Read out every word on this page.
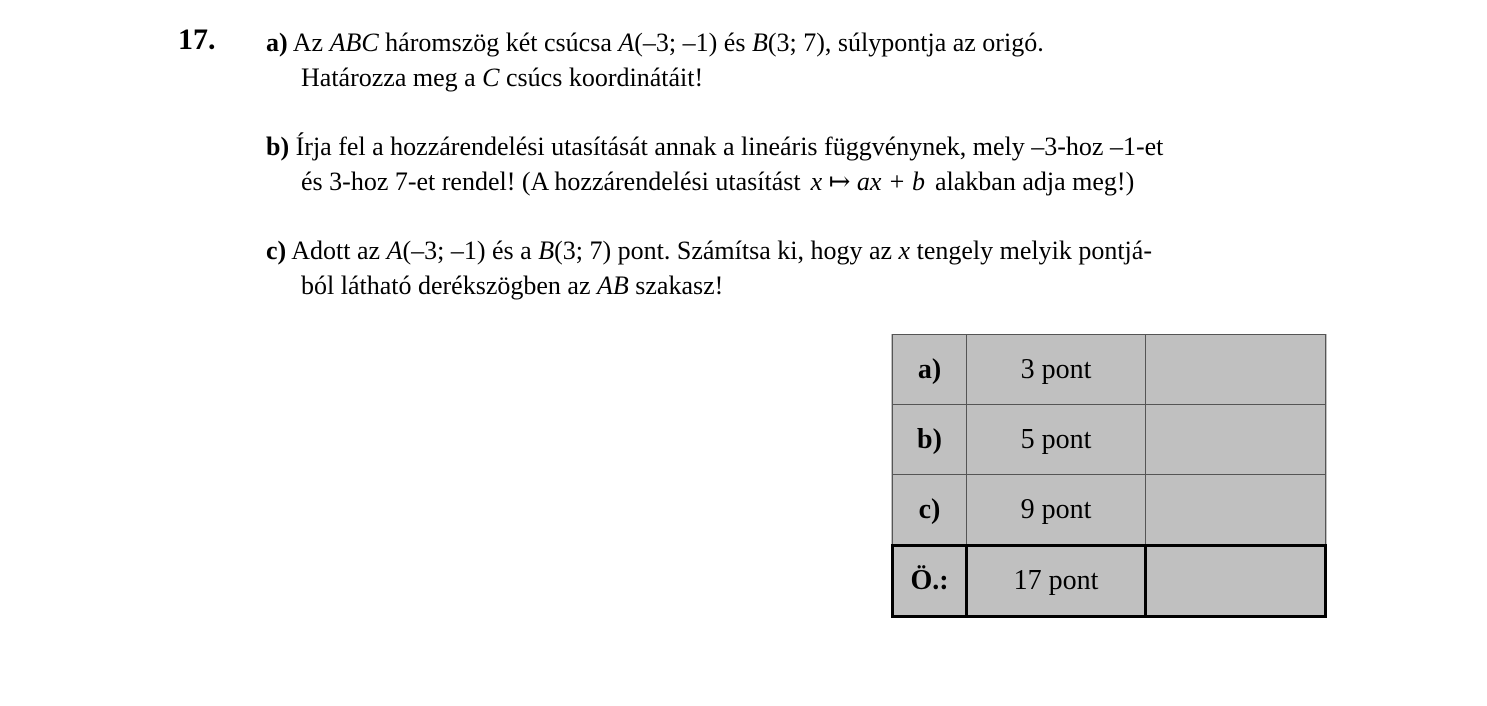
17. a) Az ABC háromszög két csúcsa A(–3; –1) és B(3; 7), súlypontja az origó.
Határozza meg a C csúcs koordinátáit!
b) Írja fel a hozzárendelési utasítását annak a lineáris függvénynek, mely –3-hoz –1-et
és 3-hoz 7-et rendel! (A hozzárendelési utasítást x ↦ ax + b alakban adja meg!)
c) Adott az A(–3; –1) és a B(3; 7) pont. Számítsa ki, hogy az x tengely melyik pontjá-
ból látható derékszögben az AB szakasz!
a)	3 pont	
b)	5 pont	
c)	9 pont	
Ö.:	17 pont	
